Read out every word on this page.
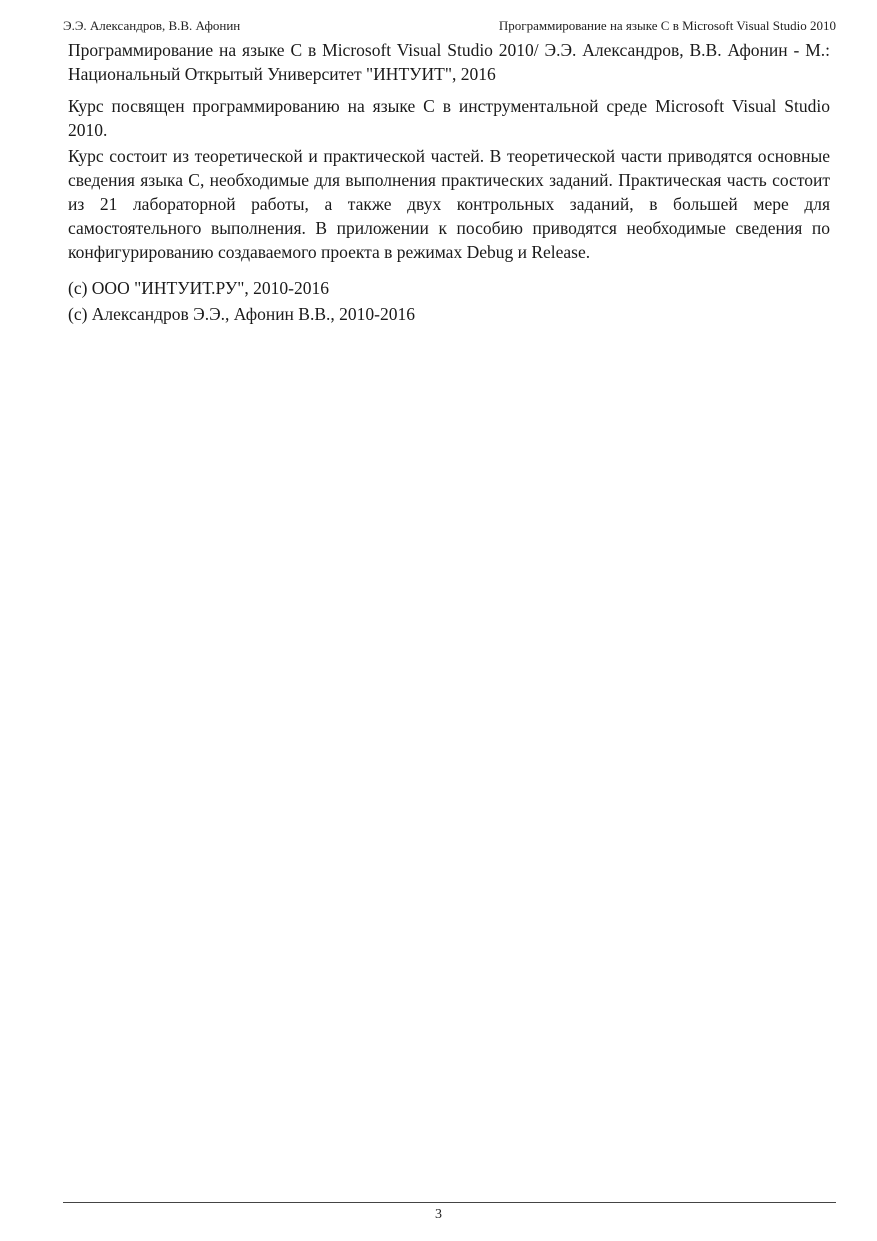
Э.Э. Александров, В.В. Афонин	Программирование на языке С в Microsoft Visual Studio 2010

Программирование на языке С в Microsoft Visual Studio 2010/ Э.Э. Александров, В.В. Афонин - М.: Национальный Открытый Университет "ИНТУИТ", 2016

Курс посвящен программированию на языке С в инструментальной среде Microsoft Visual Studio 2010.

Курс состоит из теоретической и практической частей. В теоретической части приводятся основные сведения языка С, необходимые для выполнения практических заданий. Практическая часть состоит из 21 лабораторной работы, а также двух контрольных заданий, в большей мере для самостоятельного выполнения. В приложении к пособию приводятся необходимые сведения по конфигурированию создаваемого проекта в режимах Debug и Release.

(c) ООО "ИНТУИТ.РУ", 2010-2016

(c) Александров Э.Э., Афонин В.В., 2010-2016

3
